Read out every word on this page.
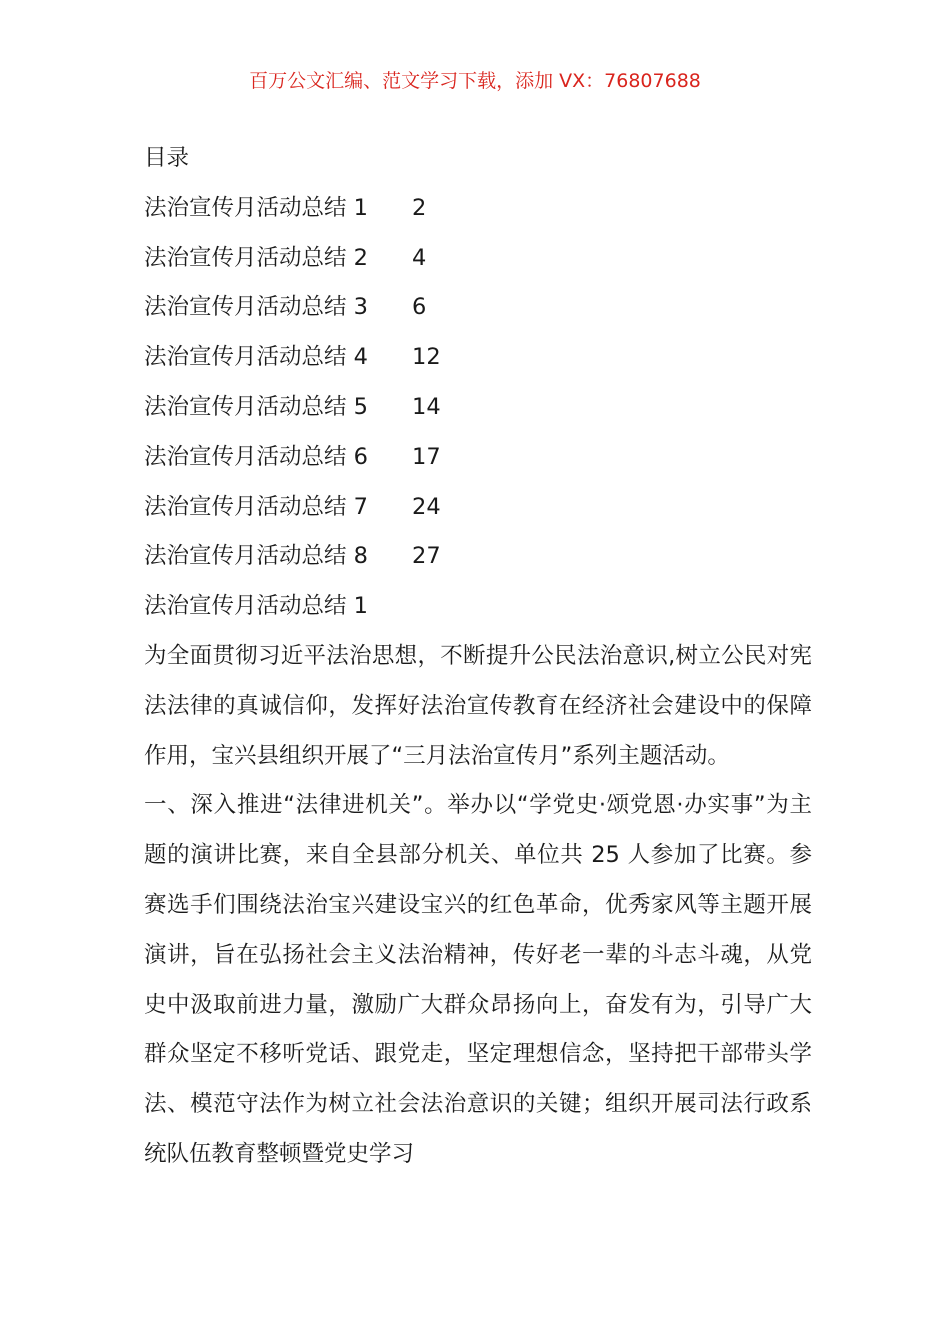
百万公文汇编、范文学习下载，添加 VX：76807688
目录
法治宣传月活动总结 1 2
法治宣传月活动总结 2 4
法治宣传月活动总结 3 6
法治宣传月活动总结 4 12
法治宣传月活动总结 5 14
法治宣传月活动总结 6 17
法治宣传月活动总结 7 24
法治宣传月活动总结 8 27
法治宣传月活动总结 1
为全面贯彻习近平法治思想，不断提升公民法治意识,树立公民对宪法法律的真诚信仰，发挥好法治宣传教育在经济社会建设中的保障作用，宝兴县组织开展了“三月法治宣传月”系列主题活动。
一、深入推进“法律进机关”。举办以“学党史·颂党恩·办实事”为主题的演讲比赛，来自全县部分机关、单位共 25 人参加了比赛。参赛选手们围绕法治宝兴建设宝兴的红色革命，优秀家风等主题开展演讲，旨在弘扬社会主义法治精神，传好老一辈的斗志斗魂，从党史中汲取前进力量，激励广大群众昂扬向上，奋发有为，引导广大群众坚定不移听党话、跟党走，坚定理想信念，坚持把干部带头学法、模范守法作为树立社会法治意识的关键；组织开展司法行政系统队伍教育整顿暨党史学习
